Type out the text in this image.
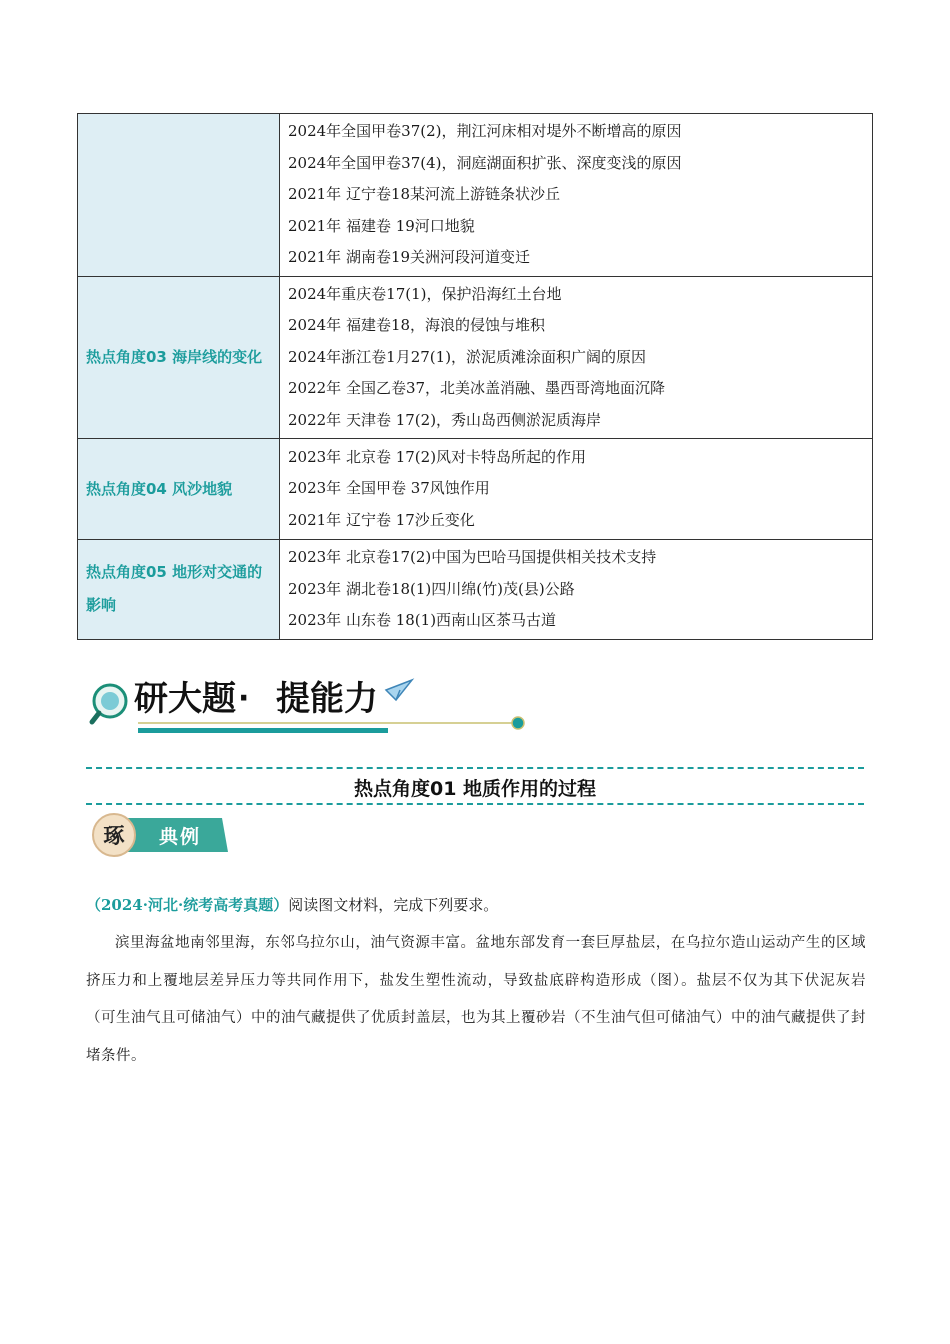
	2024年全国甲卷37(2)，荆江河床相对堤外不断增高的原因
2024年全国甲卷37(4)，洞庭湖面积扩张、深度变浅的原因
2021年 辽宁卷18某河流上游链条状沙丘
2021年 福建卷 19河口地貌
2021年 湖南卷19关洲河段河道变迁

热点角度03 海岸线的变化	2024年重庆卷17(1)，保护沿海红土台地
2024年 福建卷18，海浪的侵蚀与堆积
2024年浙江卷1月27(1)，淤泥质滩涂面积广阔的原因
2022年 全国乙卷37，北美冰盖消融、墨西哥湾地面沉降
2022年 天津卷 17(2)，秀山岛西侧淤泥质海岸

热点角度04 风沙地貌	2023年 北京卷 17(2)风对卡特岛所起的作用
2023年 全国甲卷 37风蚀作用
2021年 辽宁卷 17沙丘变化

热点角度05 地形对交通的影响	2023年 北京卷17(2)中国为巴哈马国提供相关技术支持
2023年 湖北卷18(1)四川绵(竹)茂(县)公路
2023年 山东卷 18(1)西南山区茶马古道
研大题 · 提能力
热点角度01 地质作用的过程
琢 典例
（2024·河北·统考高考真题）阅读图文材料，完成下列要求。
滨里海盆地南邻里海，东邻乌拉尔山，油气资源丰富。盆地东部发育一套巨厚盐层，在乌拉尔造山运动产生的区域挤压力和上覆地层差异压力等共同作用下，盐发生塑性流动，导致盐底辟构造形成（图）。盐层不仅为其下伏泥灰岩（可生油气且可储油气）中的油气藏提供了优质封盖层，也为其上覆砂岩（不生油气但可储油气）中的油气藏提供了封堵条件。
